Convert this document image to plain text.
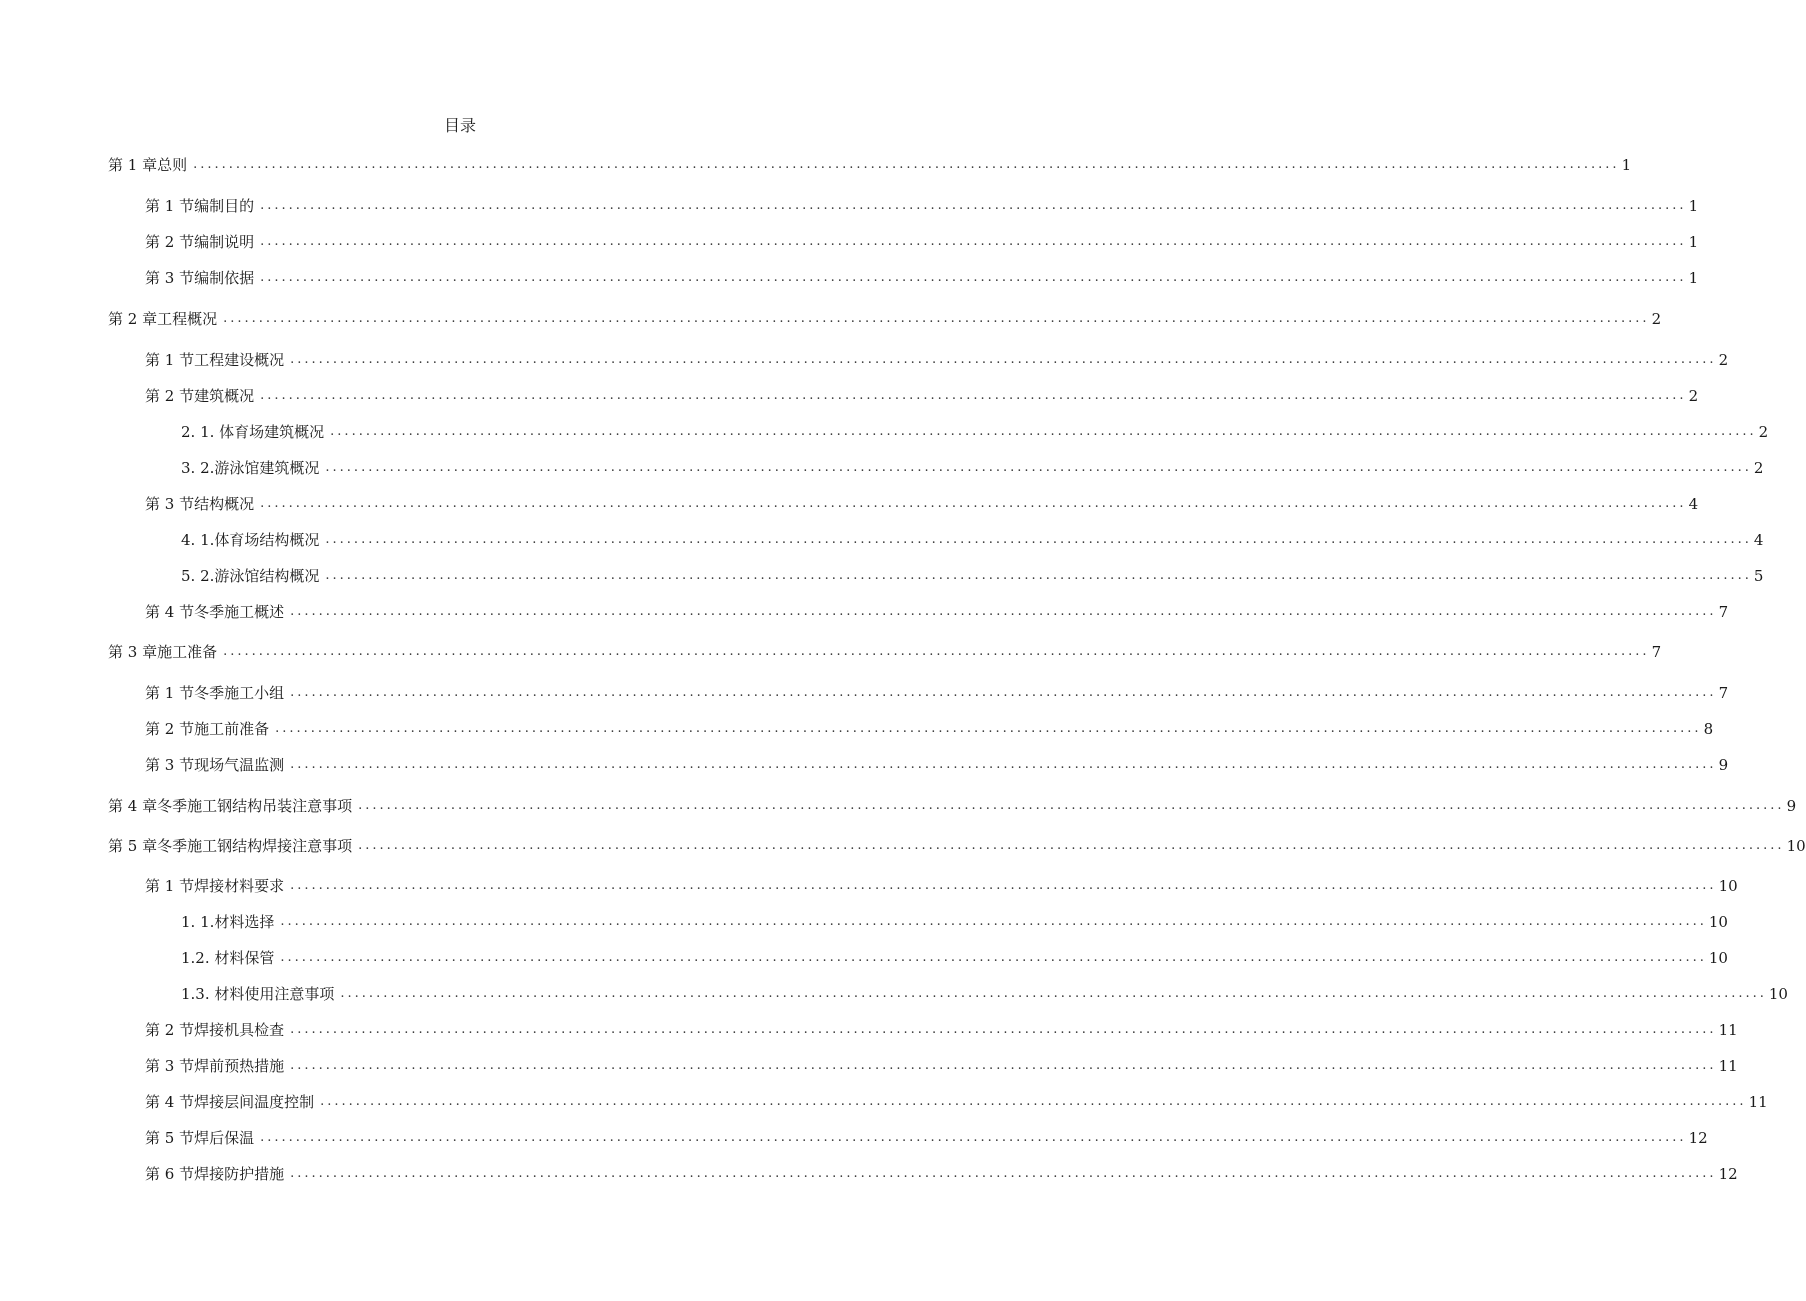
目录
第 1 章总则 ........................................................................................................................................................................................................ 1
第 1 节编制目的 ........................................................................................................................................................................................................ 1
第 2 节编制说明 ........................................................................................................................................................................................................ 1
第 3 节编制依据 ........................................................................................................................................................................................................ 1
第 2 章工程概况 ........................................................................................................................................................................................................ 2
第 1 节工程建设概况 ........................................................................................................................................................................................................ 2
第 2 节建筑概况 ........................................................................................................................................................................................................ 2
2. 1. 体育场建筑概况 ........................................................................................................................................................................................................ 2
3. 2.游泳馆建筑概况 ........................................................................................................................................................................................................ 2
第 3 节结构概况 ........................................................................................................................................................................................................ 4
4. 1.体育场结构概况 ........................................................................................................................................................................................................ 4
5. 2.游泳馆结构概况 ........................................................................................................................................................................................................ 5
第 4 节冬季施工概述 ........................................................................................................................................................................................................ 7
第 3 章施工准备 ........................................................................................................................................................................................................ 7
第 1 节冬季施工小组 ........................................................................................................................................................................................................ 7
第 2 节施工前准备 ........................................................................................................................................................................................................ 8
第 3 节现场气温监测 ........................................................................................................................................................................................................ 9
第 4 章冬季施工钢结构吊装注意事项 ........................................................................................................................................................................................................ 9
第 5 章冬季施工钢结构焊接注意事项 ........................................................................................................................................................................................................ 10
第 1 节焊接材料要求 ........................................................................................................................................................................................................ 10
1. 1.材料选择 ........................................................................................................................................................................................................ 10
1.2. 材料保管 ........................................................................................................................................................................................................ 10
1.3. 材料使用注意事项 ........................................................................................................................................................................................................ 10
第 2 节焊接机具检查 ........................................................................................................................................................................................................ 11
第 3 节焊前预热措施 ........................................................................................................................................................................................................ 11
第 4 节焊接层间温度控制 ........................................................................................................................................................................................................ 11
第 5 节焊后保温 ........................................................................................................................................................................................................ 12
第 6 节焊接防护措施 ........................................................................................................................................................................................................ 12
